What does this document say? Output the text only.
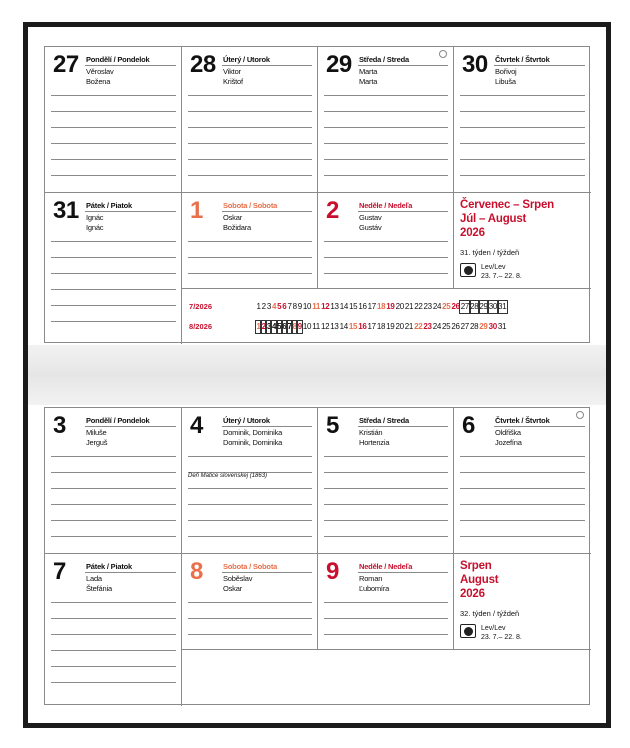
27 Pondělí / Pondelok
Věroslav
Božena
28 Úterý / Utorok
Viktor
Krištof
29 Středa / Streda
Marta
Marta
30 Čtvrtek / Štvrtok
Bořivoj
Libuša
31 Pátek / Piatok
Ignác
Ignác
1	Sobota / Sobota
Oskar
Božidara
2	Neděle / Nedeľa
Gustav
Gustáv
Červenec – Srpen
Júl – August
2026
31. týden / týždeň
Lev/Lev
23. 7.– 22. 8.
7/2026	1 2 3 4 5 6 7 8 9 10 11 12 13 14 15 16 17 18 19 20 21 22 23 24 25 26 27 28 29 30 31
8/2026	1 2 3 4 5 6 7 8 9 10 11 12 13 14 15 16 17 18 19 20 21 22 23 24 25 26 27 28 29 30 31
3	Pondělí / Pondelok
Miluše
Jerguš
4	Úterý / Utorok
Dominik, Dominika
Dominik, Dominika
Deň Matice slovenskej (1863)
5	Středa / Streda
Kristián
Hortenzia
6	Čtvrtek / Štvrtok
Oldřiška
Jozefína
7	Pátek / Piatok
Lada
Štefánia
8	Sobota / Sobota
Soběslav
Oskar
9	Neděle / Nedeľa
Roman
Ľubomíra
Srpen
August
2026
32. týden / týždeň
Lev/Lev
23. 7.– 22. 8.
